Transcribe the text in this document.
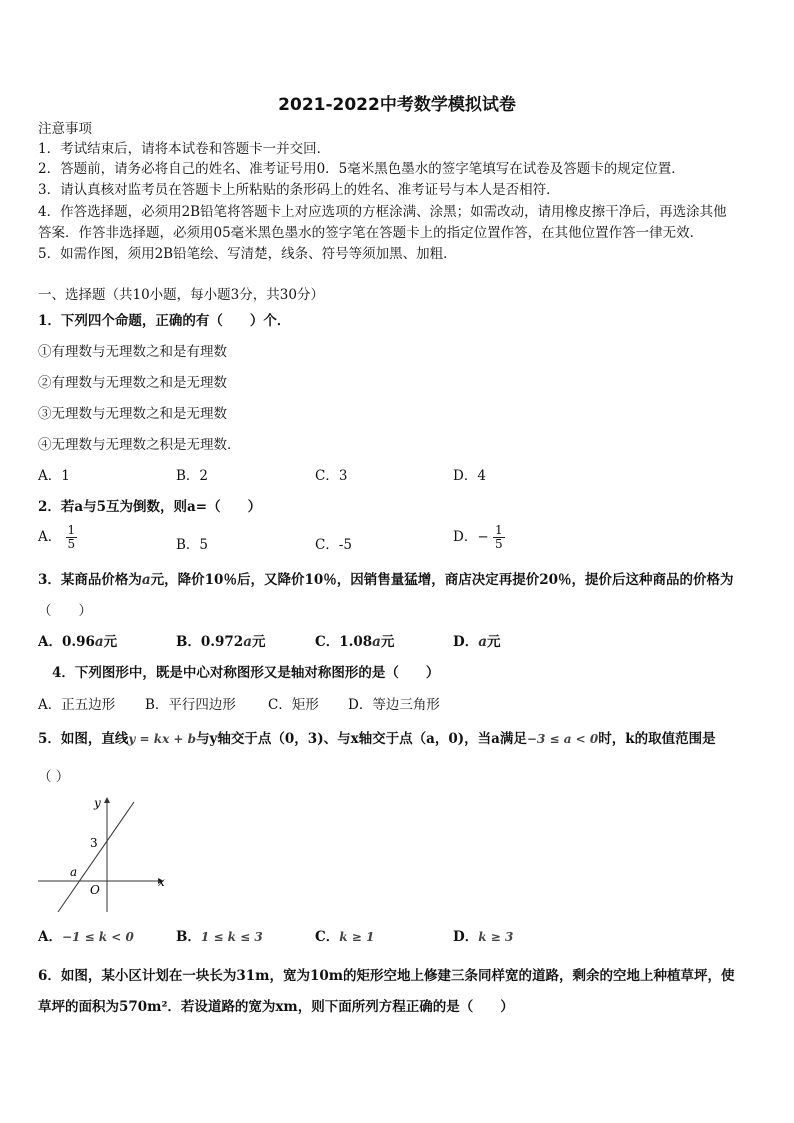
2021-2022中考数学模拟试卷
注意事项
1．考试结束后，请将本试卷和答题卡一并交回．
2．答题前，请务必将自己的姓名、准考证号用0．5毫米黑色墨水的签字笔填写在试卷及答题卡的规定位置．
3．请认真核对监考员在答题卡上所粘贴的条形码上的姓名、准考证号与本人是否相符．
4．作答选择题，必须用2B铅笔将答题卡上对应选项的方框涂满、涂黑；如需改动，请用橡皮擦干净后，再选涂其他
答案．作答非选择题，必须用05毫米黑色墨水的签字笔在答题卡上的指定位置作答，在其他位置作答一律无效．
5．如需作图，须用2B铅笔绘、写清楚，线条、符号等须加黑、加粗．
一、选择题（共10小题，每小题3分，共30分）
1．下列四个命题，正确的有（　　）个．
①有理数与无理数之和是有理数
②有理数与无理数之和是无理数
③无理数与无理数之和是无理数
④无理数与无理数之积是无理数．
A．1	B．2	C．3	D．4
2．若a与5互为倒数，则a=（　　）
A． $\frac{1}{5}$	B．5	C．-5	D．− $\frac{1}{5}$
3．某商品价格为a元，降价10％后，又降价10％，因销售量猛增，商店决定再提价20％，提价后这种商品的价格为
（　　）
A．0.96a元	B．0.972a元	C．1.08a元	D．a元
4．下列图形中，既是中心对称图形又是轴对称图形的是（　　）
A．正五边形 B．平行四边形 C．矩形 D．等边三角形
5．如图，直线y = kx + b与y轴交于点（0，3)、与x轴交于点（a，0)，当a满足−3 ≤ a < 0时，k的取值范围是
（ ）
y
x
O
a
3
A．−1 ≤ k < 0	B．1 ≤ k ≤ 3	C．k ≥ 1	D．k ≥ 3
6．如图，某小区计划在一块长为31m，宽为10m的矩形空地上修建三条同样宽的道路，剩余的空地上种植草坪，使
草坪的面积为570m²．若设道路的宽为xm，则下面所列方程正确的是（　　）
